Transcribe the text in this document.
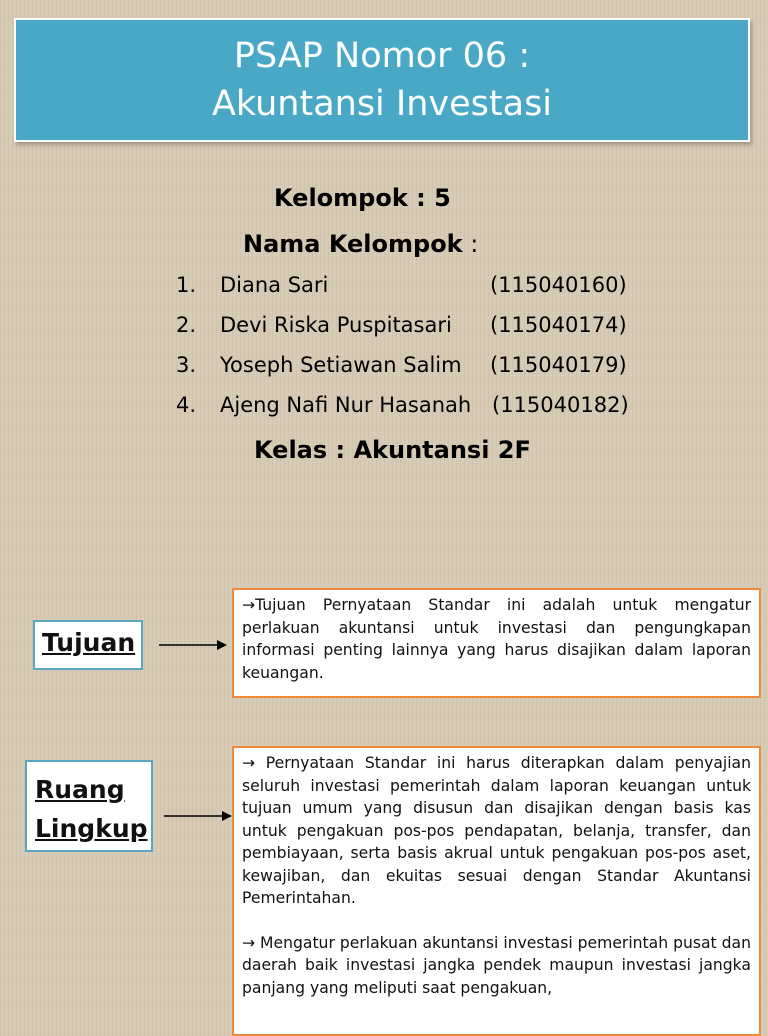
PSAP Nomor 06 :
Akuntansi Investasi
Kelompok : 5
Nama Kelompok :
1. Diana Sari	(115040160)
2. Devi Riska Puspitasari (115040174)
3. Yoseph Setiawan Salim (115040179)
4. Ajeng Nafi Nur Hasanah (115040182)
Kelas : Akuntansi 2F
Tujuan

→Tujuan Pernyataan Standar ini adalah untuk mengatur perlakuan akuntansi untuk investasi dan pengungkapan informasi penting lainnya yang harus disajikan dalam laporan keuangan.

Ruang
Lingkup

→ Pernyataan Standar ini harus diterapkan dalam penyajian seluruh investasi pemerintah dalam laporan keuangan untuk tujuan umum yang disusun dan disajikan dengan basis kas untuk pengakuan pos-pos pendapatan, belanja, transfer, dan pembiayaan, serta basis akrual untuk pengakuan pos-pos aset, kewajiban, dan ekuitas sesuai dengan Standar Akuntansi Pemerintahan.

→ Mengatur perlakuan akuntansi investasi pemerintah pusat dan daerah baik investasi jangka pendek maupun investasi jangka panjang yang meliputi saat pengakuan,
